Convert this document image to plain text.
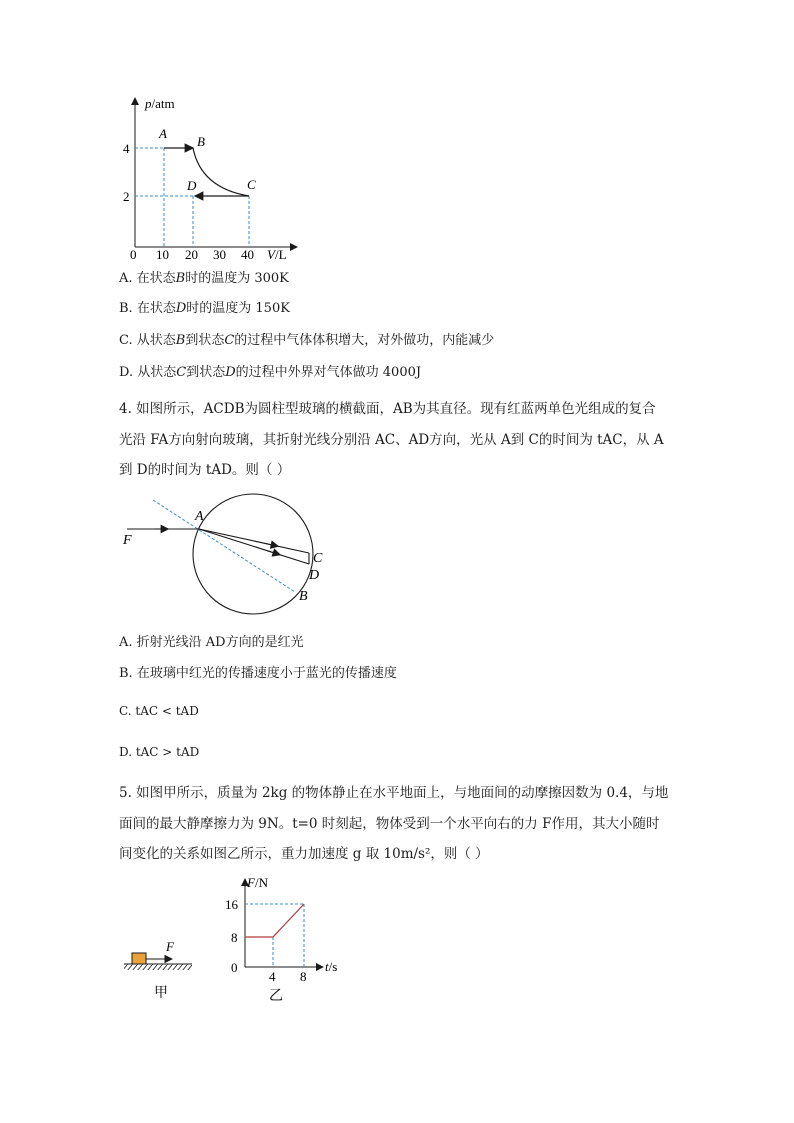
p/atm
4
2
0 10 20 30 40 V/L
A
B
C
D
A. 在状态B时的温度为 300K
B. 在状态D时的温度为 150K
C. 从状态B到状态C的过程中气体体积增大，对外做功，内能减少
D. 从状态C到状态D的过程中外界对气体做功 4000J
4. 如图所示，ACDB为圆柱型玻璃的横截面，AB为其直径。现有红蓝两单色光组成的复合
光沿 FA方向射向玻璃，其折射光线分别沿 AC、AD方向，光从 A到 C的时间为 tAC，从 A
到 D的时间为 tAD。则（ ）
F
A
C
D
B
A. 折射光线沿 AD方向的是红光
B. 在玻璃中红光的传播速度小于蓝光的传播速度
C. tAC < tAD
D. tAC > tAD
5. 如图甲所示，质量为 2kg 的物体静止在水平地面上，与地面间的动摩擦因数为 0.4，与地
面间的最大静摩擦力为 9N。t=0 时刻起，物体受到一个水平向右的力 F作用，其大小随时
间变化的关系如图乙所示，重力加速度 g 取 10m/s²，则（ ）
F
甲
F/N
16
8
0
4 8
t/s
乙
